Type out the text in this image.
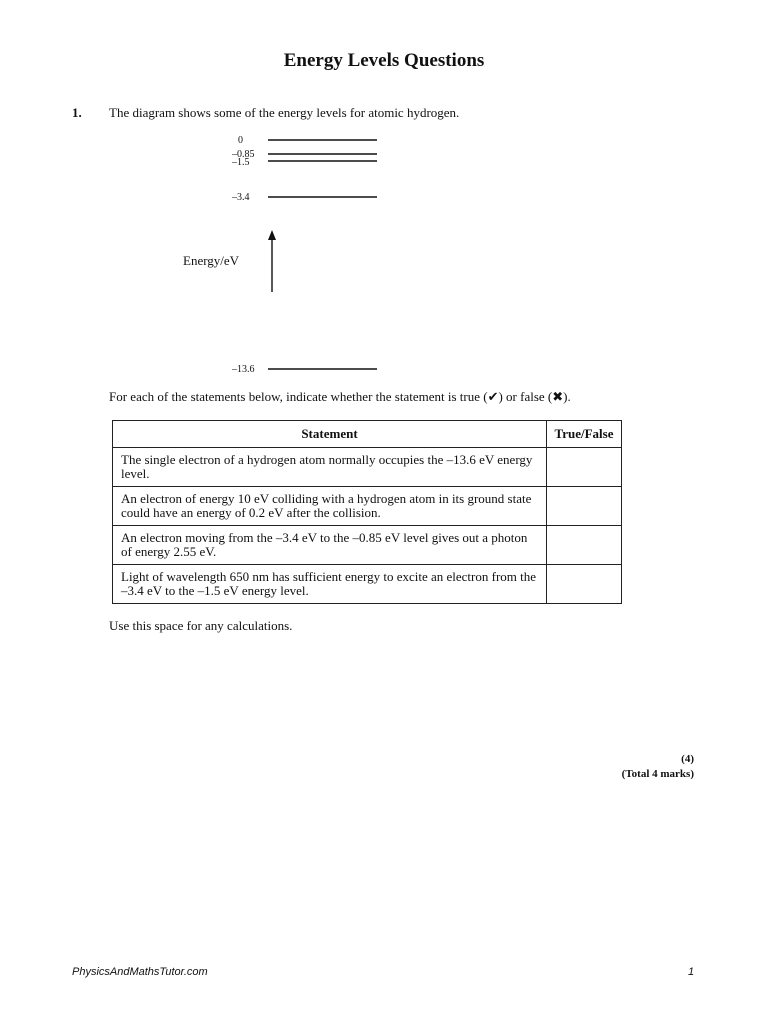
Energy Levels Questions
1. The diagram shows some of the energy levels for atomic hydrogen.
0
–0.85
–1.5
–3.4
–13.6
Energy/eV
For each of the statements below, indicate whether the statement is true (✔) or false (✖).
Statement	True/False
The single electron of a hydrogen atom normally occupies the –13.6 eV energy level.	
An electron of energy 10 eV colliding with a hydrogen atom in its ground state could have an energy of 0.2 eV after the collision.	
An electron moving from the –3.4 eV to the –0.85 eV level gives out a photon of energy 2.55 eV.	
Light of wavelength 650 nm has sufficient energy to excite an electron from the –3.4 eV to the –1.5 eV energy level.	
Use this space for any calculations.
(4)
(Total 4 marks)
PhysicsAndMathsTutor.com	1
